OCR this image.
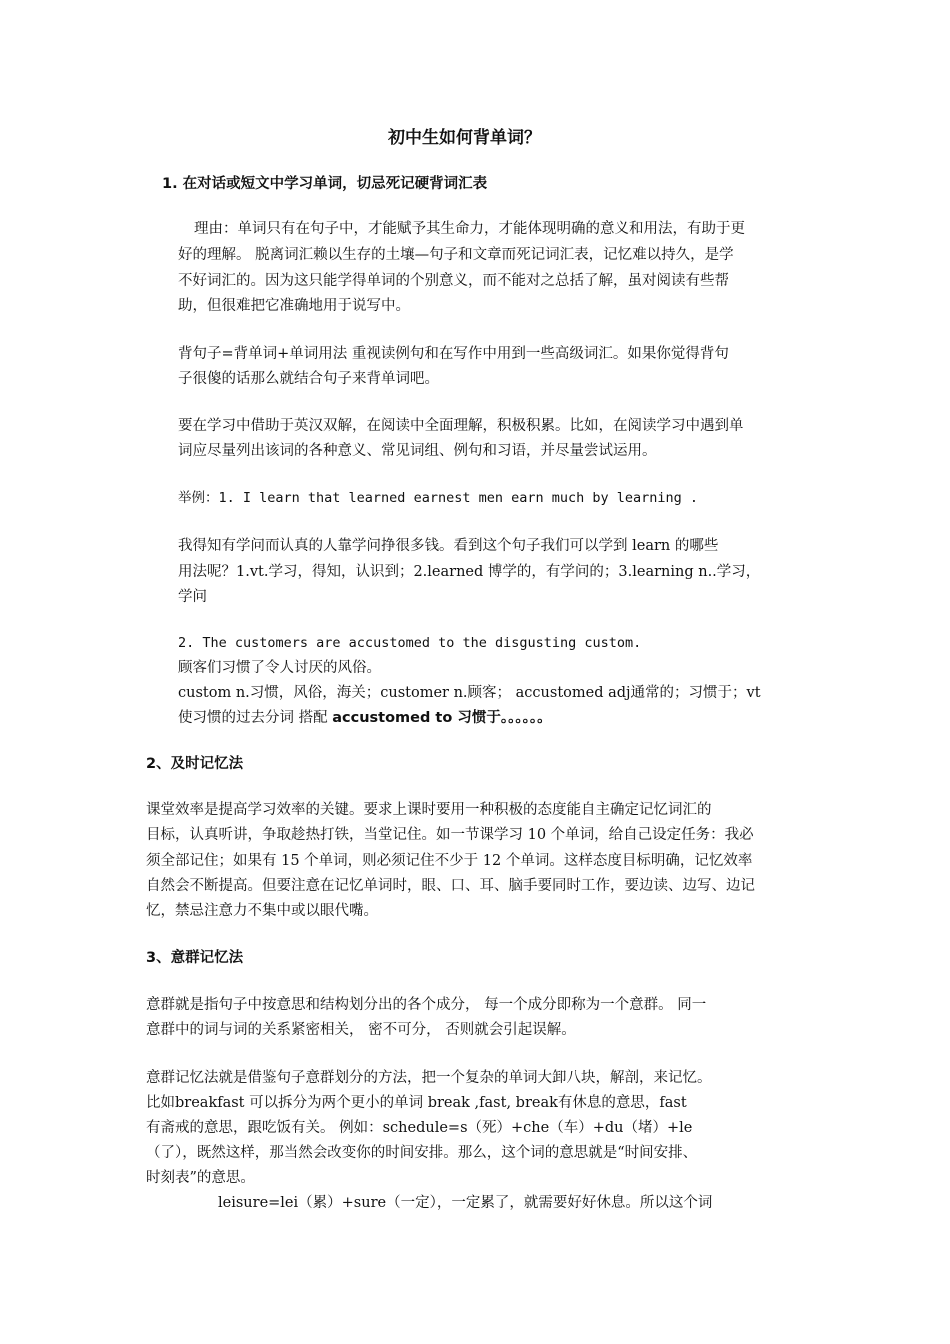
初中生如何背单词？
1. 在对话或短文中学习单词，切忌死记硬背词汇表
理由：单词只有在句子中，才能赋予其生命力，才能体现明确的意义和用法，有助于更
好的理解。 脱离词汇赖以生存的土壤—句子和文章而死记词汇表，记忆难以持久，是学
不好词汇的。因为这只能学得单词的个别意义，而不能对之总括了解，虽对阅读有些帮
助，但很难把它准确地用于说写中。
背句子=背单词+单词用法 重视读例句和在写作中用到一些高级词汇。如果你觉得背句
子很傻的话那么就结合句子来背单词吧。
要在学习中借助于英汉双解，在阅读中全面理解，积极积累。比如，在阅读学习中遇到单
词应尽量列出该词的各种意义、常见词组、例句和习语，并尽量尝试运用。
举例：1. I learn that learned earnest men earn much by learning .
我得知有学问而认真的人靠学问挣很多钱。看到这个句子我们可以学到 learn 的哪些
用法呢？1.vt.学习，得知，认识到；2.learned 博学的，有学问的；3.learning n..学习，
学问
2. The customers are accustomed to the disgusting custom.
顾客们习惯了令人讨厌的风俗。
custom n.习惯，风俗，海关；customer n.顾客； accustomed adj通常的；习惯于；vt
使习惯的过去分词 搭配 accustomed to 习惯于。。。。。。
2、及时记忆法
课堂效率是提高学习效率的关键。要求上课时要用一种积极的态度能自主确定记忆词汇的
目标，认真听讲，争取趁热打铁，当堂记住。如一节课学习 10 个单词，给自己设定任务：我必
须全部记住；如果有 15 个单词，则必须记住不少于 12 个单词。这样态度目标明确，记忆效率
自然会不断提高。但要注意在记忆单词时，眼、口、耳、脑手要同时工作，要边读、边写、边记
忆，禁忌注意力不集中或以眼代嘴。
3、意群记忆法
意群就是指句子中按意思和结构划分出的各个成分， 每一个成分即称为一个意群。 同一
意群中的词与词的关系紧密相关， 密不可分， 否则就会引起误解。
意群记忆法就是借鉴句子意群划分的方法，把一个复杂的单词大卸八块，解剖，来记忆。
比如breakfast 可以拆分为两个更小的单词 break ,fast, break有休息的意思，fast
有斋戒的意思，跟吃饭有关。 例如：schedule=s（死）+che（车）+du（堵）+le
（了），既然这样，那当然会改变你的时间安排。那么，这个词的意思就是“时间安排、
时刻表”的意思。
leisure=lei（累）+sure（一定），一定累了，就需要好好休息。所以这个词
